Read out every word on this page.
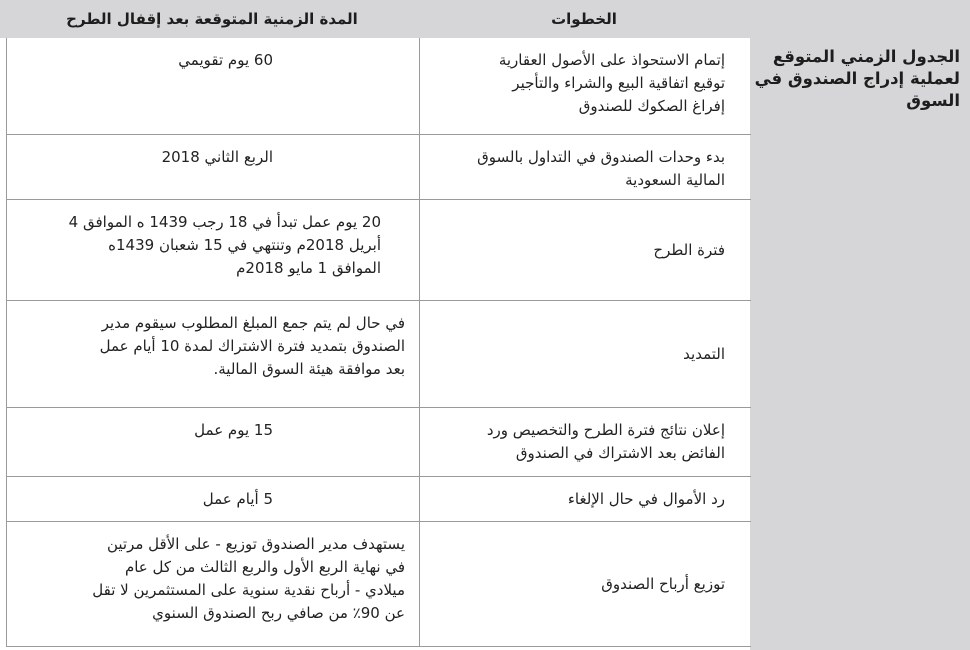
الجدول الزمني المتوقع
لعملية إدراج الصندوق في
السوق
الخطوات
المدة الزمنية المتوقعة بعد إقفال الطرح
إتمام الاستحواذ على الأصول العقارية
توقيع اتفاقية البيع والشراء والتأجير
إفراغ الصكوك للصندوق
60 يوم تقويمي
بدء وحدات الصندوق في التداول بالسوق
المالية السعودية
الربع الثاني 2018
فترة الطرح
20 يوم عمل تبدأ في 18 رجب 1439 ه الموافق 4
أبريل 2018م وتنتهي في 15 شعبان 1439ه
الموافق 1 مايو 2018م
التمديد
في حال لم يتم جمع المبلغ المطلوب سيقوم مدير
الصندوق بتمديد فترة الاشتراك لمدة 10 أيام عمل
بعد موافقة هيئة السوق المالية.
إعلان نتائج فترة الطرح والتخصيص ورد
الفائض بعد الاشتراك في الصندوق
15 يوم عمل
رد الأموال في حال الإلغاء
5 أيام عمل
توزيع أرباح الصندوق
يستهدف مدير الصندوق توزيع - على الأقل مرتين
في نهاية الربع الأول والربع الثالث من كل عام
ميلادي - أرباح نقدية سنوية على المستثمرين لا تقل
عن 90٪ من صافي ربح الصندوق السنوي
